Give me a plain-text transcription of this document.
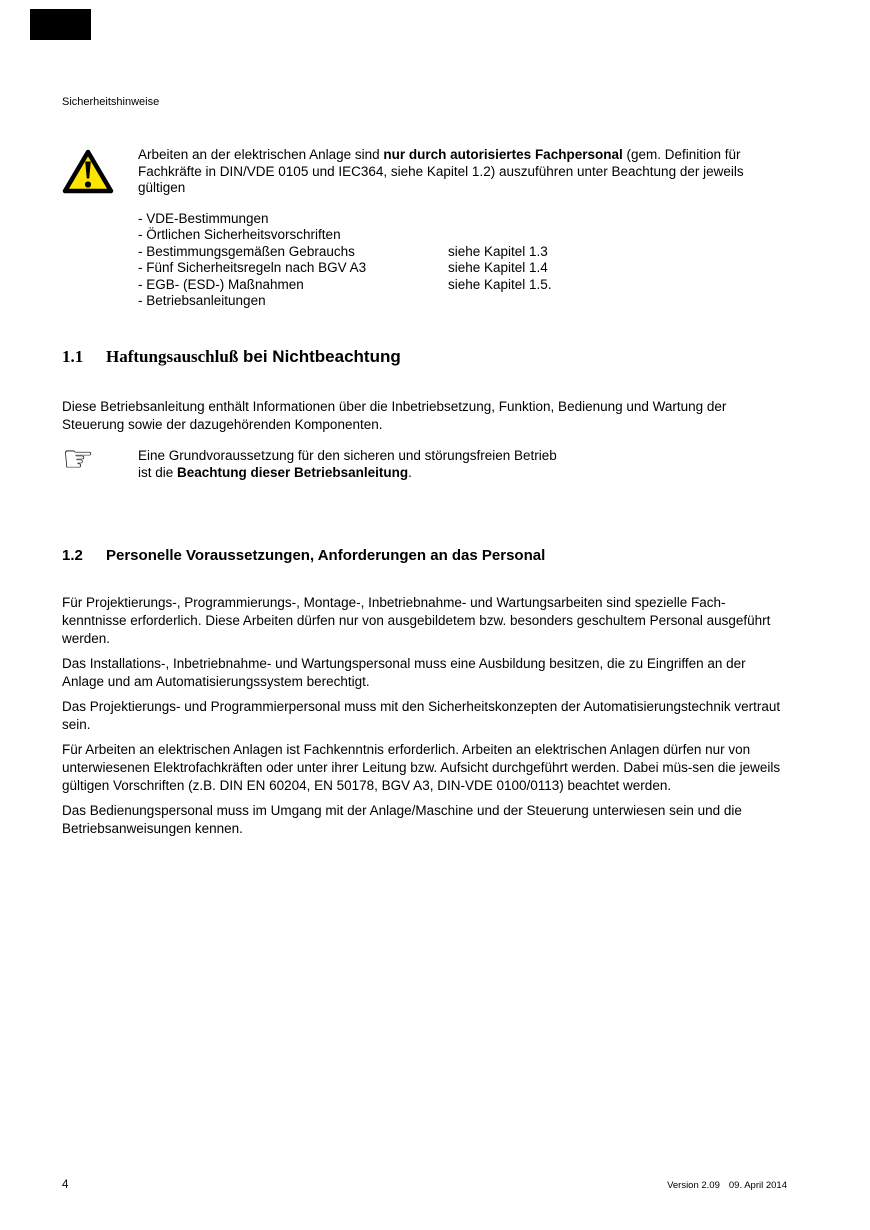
Sicherheitshinweise

Arbeiten an der elektrischen Anlage sind nur durch autorisiertes Fachpersonal (gem. Definition für Fachkräfte in DIN/VDE 0105 und IEC364, siehe Kapitel 1.2) auszuführen unter Beachtung der jeweils gültigen

- VDE-Bestimmungen
- Örtlichen Sicherheitsvorschriften
- Bestimmungsgemäßen Gebrauchs	siehe Kapitel 1.3
- Fünf Sicherheitsregeln nach BGV A3	siehe Kapitel 1.4
- EGB- (ESD-) Maßnahmen	siehe Kapitel 1.5.
- Betriebsanleitungen
1.1 Haftungsauschluß bei Nichtbeachtung

Diese Betriebsanleitung enthält Informationen über die Inbetriebsetzung, Funktion, Bedienung und Wartung der Steuerung sowie der dazugehörenden Komponenten.

☞	Eine Grundvoraussetzung für den sicheren und störungsfreien Betrieb
ist die Beachtung dieser Betriebsanleitung.
1.2 Personelle Voraussetzungen, Anforderungen an das Personal

Für Projektierungs-, Programmierungs-, Montage-, Inbetriebnahme- und Wartungsarbeiten sind spezielle Fach-kenntnisse erforderlich. Diese Arbeiten dürfen nur von ausgebildetem bzw. besonders geschultem Personal ausgeführt werden.

Das Installations-, Inbetriebnahme- und Wartungspersonal muss eine Ausbildung besitzen, die zu Eingriffen an der Anlage und am Automatisierungssystem berechtigt.

Das Projektierungs- und Programmierpersonal muss mit den Sicherheitskonzepten der Automatisierungstechnik vertraut sein.

Für Arbeiten an elektrischen Anlagen ist Fachkenntnis erforderlich. Arbeiten an elektrischen Anlagen dürfen nur von unterwiesenen Elektrofachkräften oder unter ihrer Leitung bzw. Aufsicht durchgeführt werden. Dabei müs-sen die jeweils gültigen Vorschriften (z.B. DIN EN 60204, EN 50178, BGV A3, DIN-VDE 0100/0113) beachtet werden.

Das Bedienungspersonal muss im Umgang mit der Anlage/Maschine und der Steuerung unterwiesen sein und die Betriebsanweisungen kennen.

4	Version 2.09 09. April 2014
